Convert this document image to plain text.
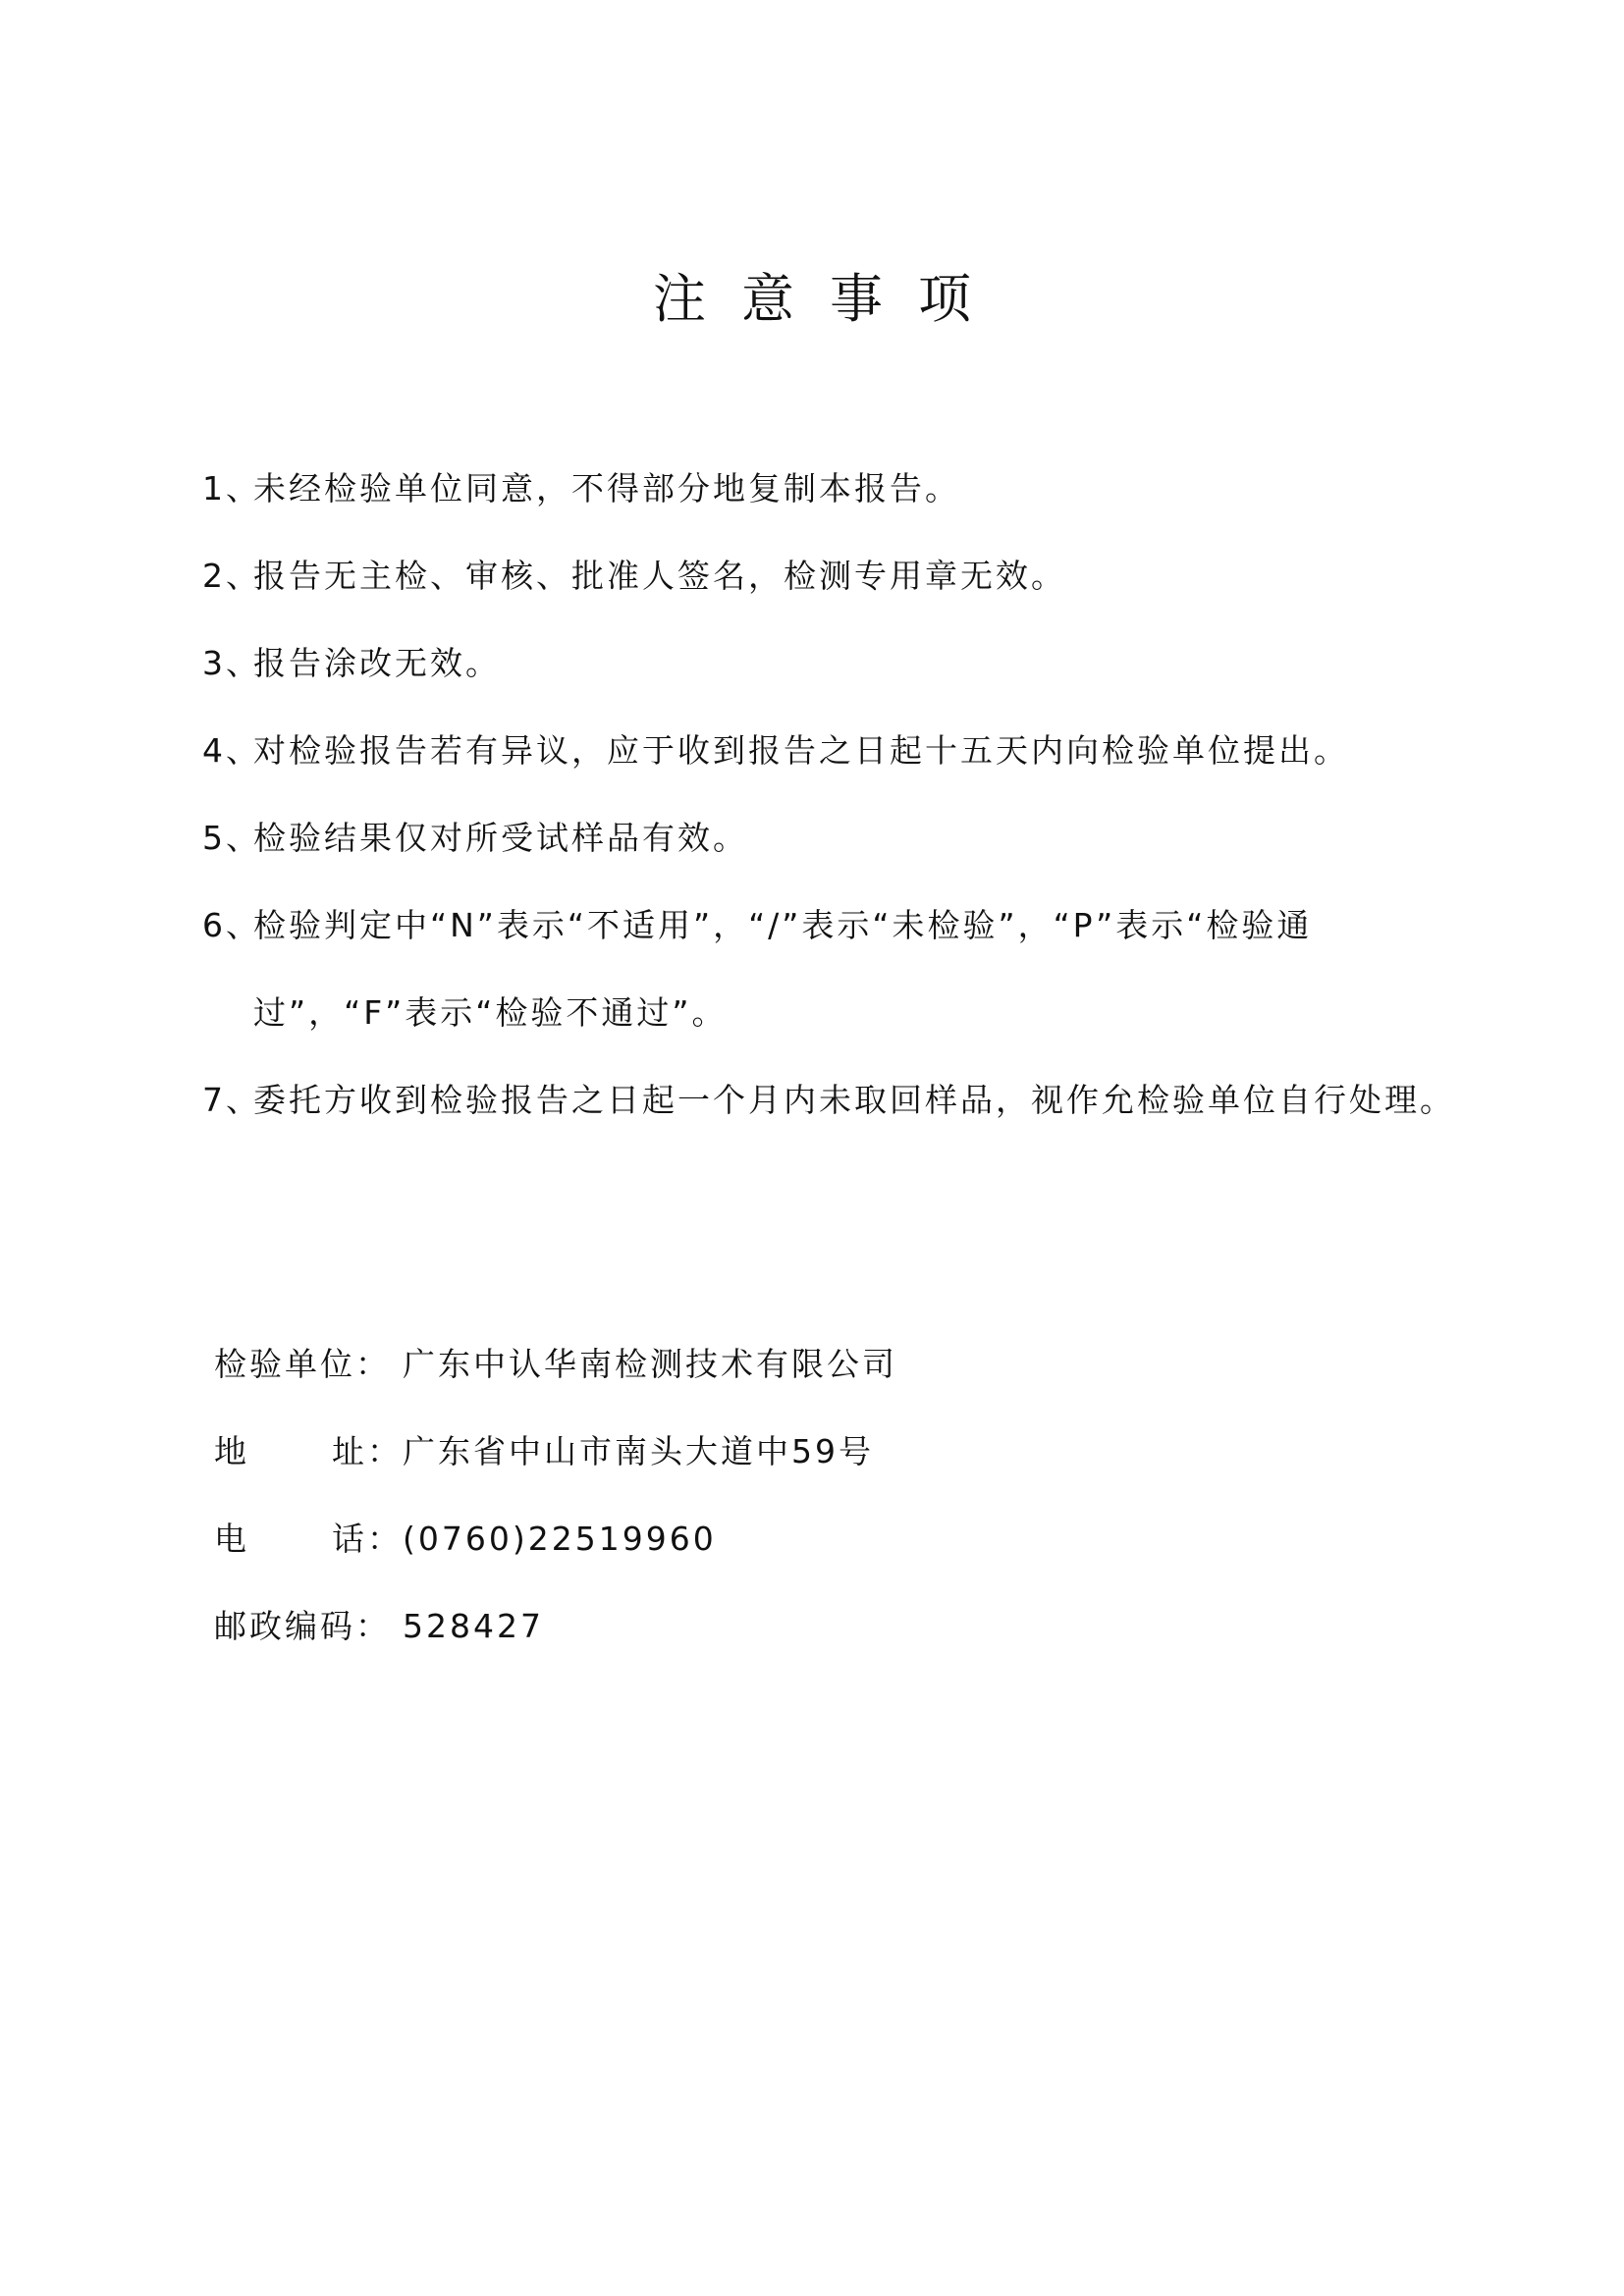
注意事项
1、
未经检验单位同意，不得部分地复制本报告。
2、
报告无主检、审核、批准人签名，检测专用章无效。
3、
报告涂改无效。
4、
对检验报告若有异议，应于收到报告之日起十五天内向检验单位提出。
5、
检验结果仅对所受试样品有效。
6、
检验判定中“N”表示“不适用”，“/”表示“未检验”，“P”表示“检验通过”，“F”表示“检验不通过”。
7、
委托方收到检验报告之日起一个月内未取回样品，视作允检验单位自行处理。
检验单位： 广东中认华南检测技术有限公司
地	址： 广东省中山市南头大道中59号
电	话： (0760)22519960
邮政编码： 528427
